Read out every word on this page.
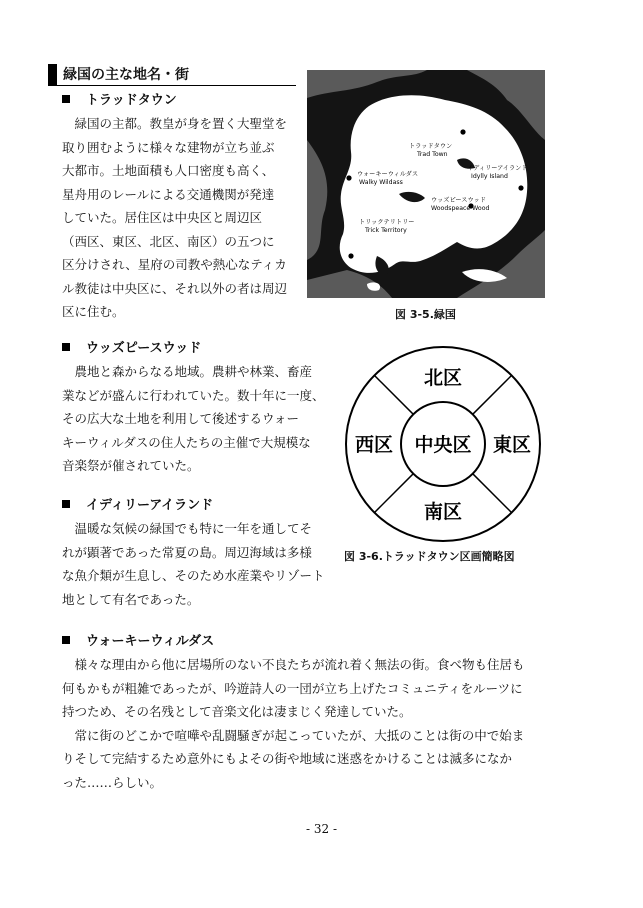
緑国の主な地名・街
トラッドタウン
緑国の主都。教皇が身を置く大聖堂を
取り囲むように様々な建物が立ち並ぶ
大都市。土地面積も人口密度も高く、
星舟用のレールによる交通機関が発達
していた。居住区は中央区と周辺区
（西区、東区、北区、南区）の五つに
区分けされ、星府の司教や熱心なティカ
ル教徒は中央区に、それ以外の者は周辺
区に住む。
トラッドタウン
Trad Town
イディリーアイランド
Idylly Island
ウォーキーウィルダス
Walky Wildass
ウッズピースウッド
Woodspeace Wood
トリックテリトリー
Trick Territory
図 3-5.緑国
ウッズピースウッド
農地と森からなる地域。農耕や林業、畜産
業などが盛んに行われていた。数十年に一度、
その広大な土地を利用して後述するウォー
キーウィルダスの住人たちの主催で大規模な
音楽祭が催されていた。
北区
南区
西区	東区
中央区
図 3-6.トラッドタウン区画簡略図
イディリーアイランド
温暖な気候の緑国でも特に一年を通してそ
れが顕著であった常夏の島。周辺海域は多様
な魚介類が生息し、そのため水産業やリゾート
地として有名であった。
ウォーキーウィルダス
様々な理由から他に居場所のない不良たちが流れ着く無法の街。食べ物も住居も
何もかもが粗雑であったが、吟遊詩人の一団が立ち上げたコミュニティをルーツに
持つため、その名残として音楽文化は凄まじく発達していた。
常に街のどこかで喧嘩や乱闘騒ぎが起こっていたが、大抵のことは街の中で始ま
りそして完結するため意外にもよその街や地域に迷惑をかけることは滅多になか
った……らしい。
- 32 -
